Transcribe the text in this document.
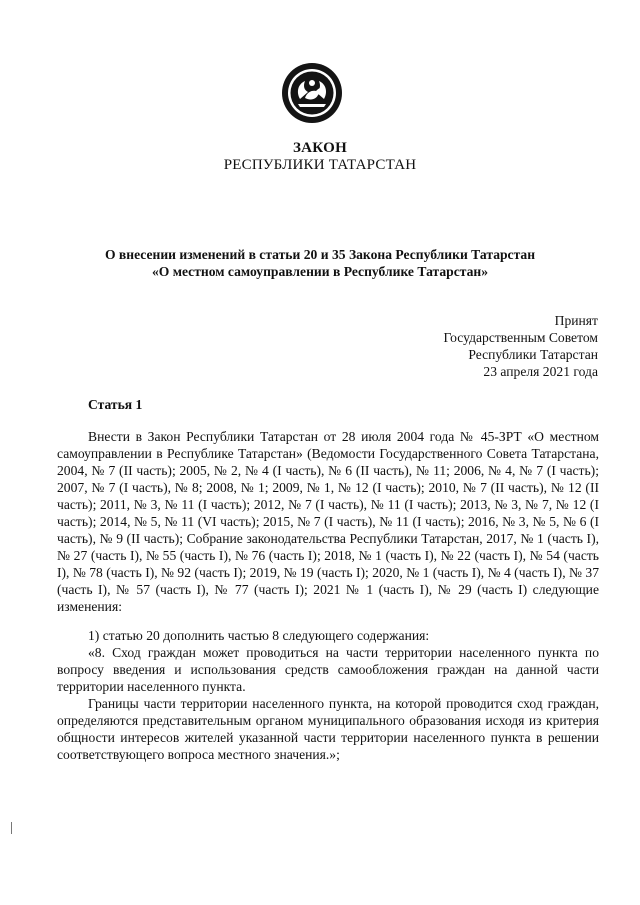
ЗАКОН
РЕСПУБЛИКИ ТАТАРСТАН
О внесении изменений в статьи 20 и 35 Закона Республики Татарстан
«О местном самоуправлении в Республике Татарстан»
Принят
Государственным Советом
Республики Татарстан
23 апреля 2021 года
Статья 1

Внести в Закон Республики Татарстан от 28 июля 2004 года № 45-ЗРТ «О местном самоуправлении в Республике Татарстан» (Ведомости Государственного Совета Татарстана, 2004, № 7 (II часть); 2005, № 2, № 4 (I часть), № 6 (II часть), № 11; 2006, № 4, № 7 (I часть); 2007, № 7 (I часть), № 8; 2008, № 1; 2009, № 1, № 12 (I часть); 2010, № 7 (II часть), № 12 (II часть); 2011, № 3, № 11 (I часть); 2012, № 7 (I часть), № 11 (I часть); 2013, № 3, № 7, № 12 (I часть); 2014, № 5, № 11 (VI часть); 2015, № 7 (I часть), № 11 (I часть); 2016, № 3, № 5, № 6 (I часть), № 9 (II часть); Собрание законодательства Республики Татарстан, 2017, № 1 (часть I), № 27 (часть I), № 55 (часть I), № 76 (часть I); 2018, № 1 (часть I), № 22 (часть I), № 54 (часть I), № 78 (часть I), № 92 (часть I); 2019, № 19 (часть I); 2020, № 1 (часть I), № 4 (часть I), № 37 (часть I), № 57 (часть I), № 77 (часть I); 2021 № 1 (часть I), № 29 (часть I) следующие изменения:

1) статью 20 дополнить частью 8 следующего содержания:

«8. Сход граждан может проводиться на части территории населенного пункта по вопросу введения и использования средств самообложения граждан на данной части территории населенного пункта.

Границы части территории населенного пункта, на которой проводится сход граждан, определяются представительным органом муниципального образования исходя из критерия общности интересов жителей указанной части территории населенного пункта в решении соответствующего вопроса местного значения.»;
